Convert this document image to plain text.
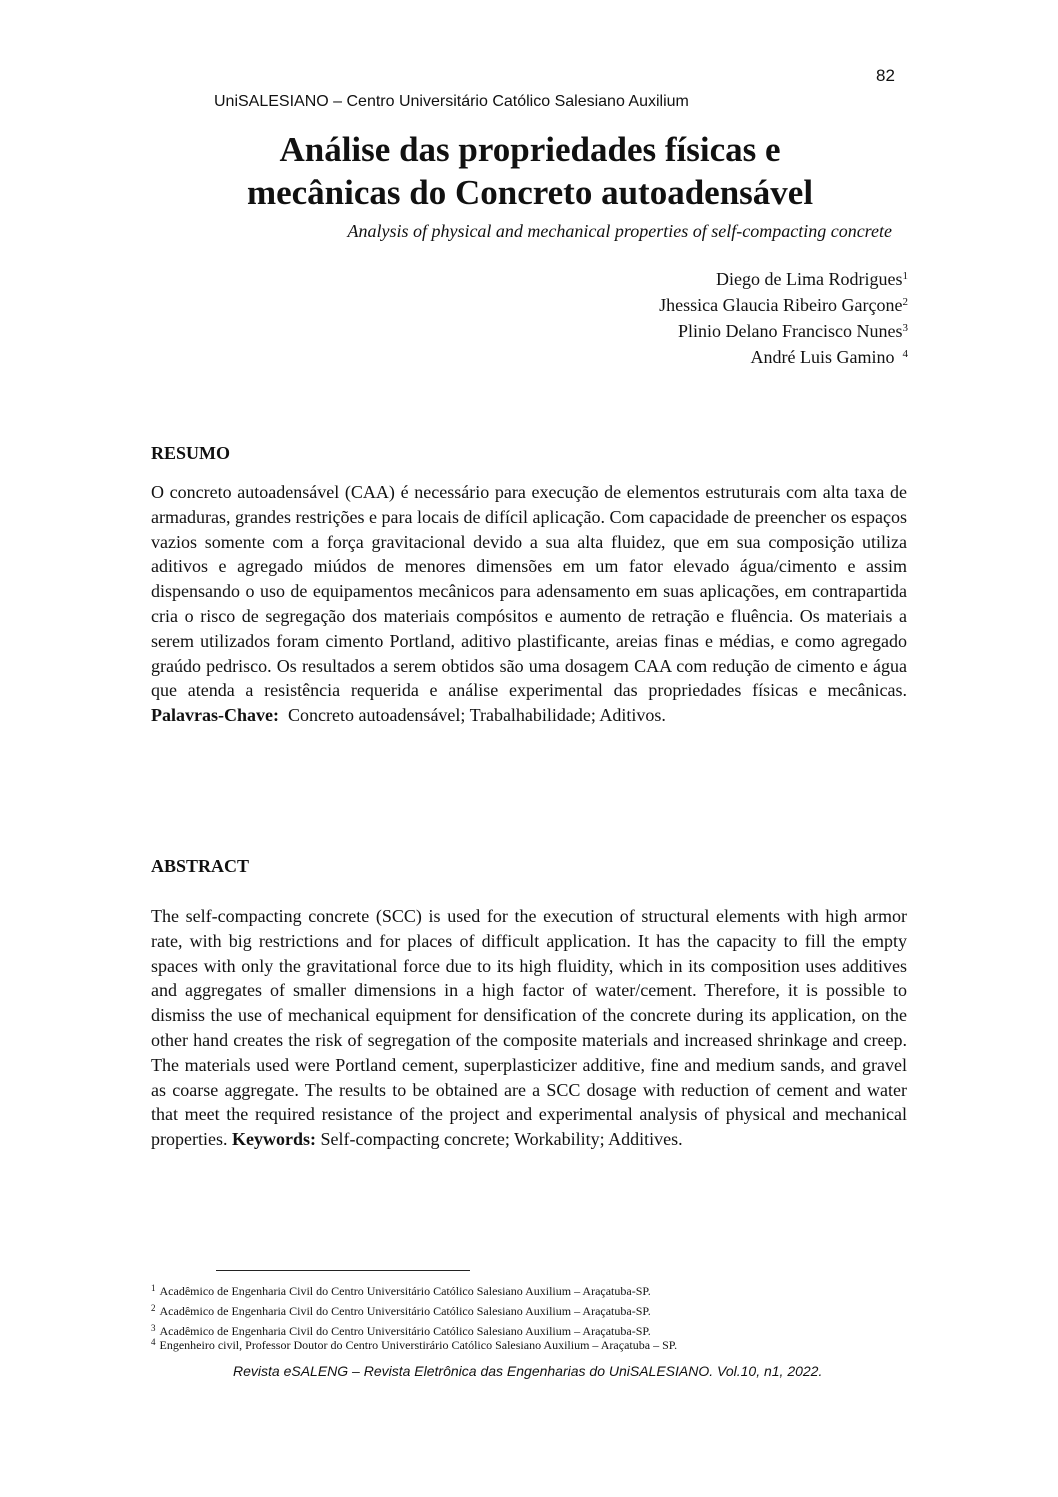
82
UniSALESIANO – Centro Universitário Católico Salesiano Auxilium
Análise das propriedades físicas e
mecânicas do Concreto autoadensável
Analysis of physical and mechanical properties of self-compacting concrete
Diego de Lima Rodrigues$^1$
Jhessica Glaucia Ribeiro Garçone$^2$
Plinio Delano Francisco Nunes$^3$
André Luis Gamino $^4$
RESUMO

O concreto autoadensável (CAA) é necessário para execução de elementos estruturais com alta taxa de armaduras, grandes restrições e para locais de difícil aplicação. Com capacidade de preencher os espaços vazios somente com a força gravitacional devido a sua alta fluidez, que em sua composição utiliza aditivos e agregado miúdos de menores dimensões em um fator elevado água/cimento e assim dispensando o uso de equipamentos mecânicos para adensamento em suas aplicações, em contrapartida cria o risco de segregação dos materiais compósitos e aumento de retração e fluência. Os materiais a serem utilizados foram cimento Portland, aditivo plastificante, areias finas e médias, e como agregado graúdo pedrisco. Os resultados a serem obtidos são uma dosagem CAA com redução de cimento e água que atenda a resistência requerida e análise experimental das propriedades físicas e mecânicas. Palavras-Chave: Concreto autoadensável; Trabalhabilidade; Aditivos.

ABSTRACT

The self-compacting concrete (SCC) is used for the execution of structural elements with high armor rate, with big restrictions and for places of difficult application. It has the capacity to fill the empty spaces with only the gravitational force due to its high fluidity, which in its composition uses additives and aggregates of smaller dimensions in a high factor of water/cement. Therefore, it is possible to dismiss the use of mechanical equipment for densification of the concrete during its application, on the other hand creates the risk of segregation of the composite materials and increased shrinkage and creep. The materials used were Portland cement, superplasticizer additive, fine and medium sands, and gravel as coarse aggregate. The results to be obtained are a SCC dosage with reduction of cement and water that meet the required resistance of the project and experimental analysis of physical and mechanical properties. Keywords: Self-compacting concrete; Workability; Additives.

$^1$ Acadêmico de Engenharia Civil do Centro Universitário Católico Salesiano Auxilium – Araçatuba-SP.

$^2$ Acadêmico de Engenharia Civil do Centro Universitário Católico Salesiano Auxilium – Araçatuba-SP.

$^3$ Acadêmico de Engenharia Civil do Centro Universitário Católico Salesiano Auxilium – Araçatuba-SP.

$^4$ Engenheiro civil, Professor Doutor do Centro Universtirário Católico Salesiano Auxilium – Araçatuba – SP.

Revista eSALENG – Revista Eletrônica das Engenharias do UniSALESIANO. Vol.10, n1, 2022.
